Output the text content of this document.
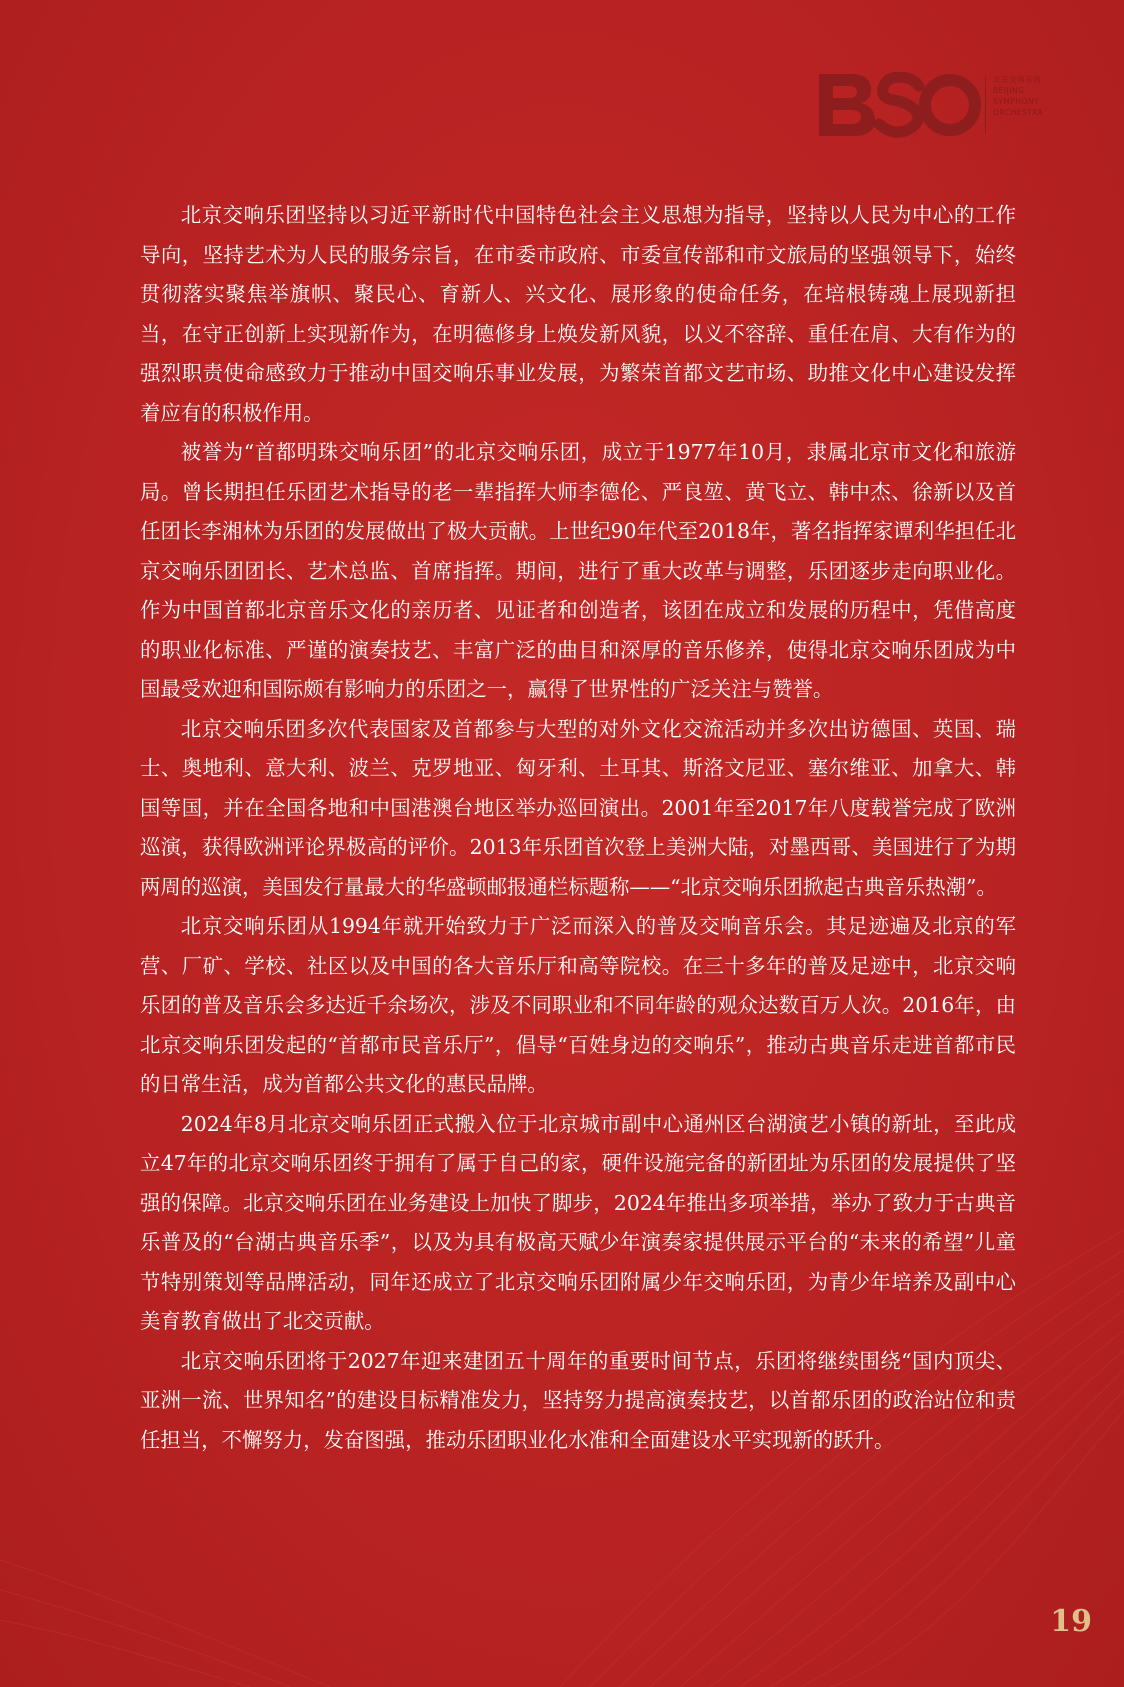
北京交响乐团
BEIJING
SYMPHONY
ORCHESTRA

北京交响乐团坚持以习近平新时代中国特色社会主义思想为指导，坚持以人民为中心的工作导向，坚持艺术为人民的服务宗旨，在市委市政府、市委宣传部和市文旅局的坚强领导下，始终贯彻落实聚焦举旗帜、聚民心、育新人、兴文化、展形象的使命任务，在培根铸魂上展现新担当，在守正创新上实现新作为，在明德修身上焕发新风貌，以义不容辞、重任在肩、大有作为的强烈职责使命感致力于推动中国交响乐事业发展，为繁荣首都文艺市场、助推文化中心建设发挥着应有的积极作用。

被誉为“首都明珠交响乐团”的北京交响乐团，成立于1977年10月，隶属北京市文化和旅游局。曾长期担任乐团艺术指导的老一辈指挥大师李德伦、严良堃、黄飞立、韩中杰、徐新以及首任团长李湘林为乐团的发展做出了极大贡献。上世纪90年代至2018年，著名指挥家谭利华担任北京交响乐团团长、艺术总监、首席指挥。期间，进行了重大改革与调整，乐团逐步走向职业化。作为中国首都北京音乐文化的亲历者、见证者和创造者，该团在成立和发展的历程中，凭借高度的职业化标准、严谨的演奏技艺、丰富广泛的曲目和深厚的音乐修养，使得北京交响乐团成为中国最受欢迎和国际颇有影响力的乐团之一，赢得了世界性的广泛关注与赞誉。

北京交响乐团多次代表国家及首都参与大型的对外文化交流活动并多次出访德国、英国、瑞士、奥地利、意大利、波兰、克罗地亚、匈牙利、土耳其、斯洛文尼亚、塞尔维亚、加拿大、韩国等国，并在全国各地和中国港澳台地区举办巡回演出。2001年至2017年八度载誉完成了欧洲巡演，获得欧洲评论界极高的评价。2013年乐团首次登上美洲大陆，对墨西哥、美国进行了为期两周的巡演，美国发行量最大的华盛顿邮报通栏标题称——“北京交响乐团掀起古典音乐热潮”。

北京交响乐团从1994年就开始致力于广泛而深入的普及交响音乐会。其足迹遍及北京的军营、厂矿、学校、社区以及中国的各大音乐厅和高等院校。在三十多年的普及足迹中，北京交响乐团的普及音乐会多达近千余场次，涉及不同职业和不同年龄的观众达数百万人次。2016年，由北京交响乐团发起的“首都市民音乐厅”，倡导“百姓身边的交响乐”，推动古典音乐走进首都市民的日常生活，成为首都公共文化的惠民品牌。

2024年8月北京交响乐团正式搬入位于北京城市副中心通州区台湖演艺小镇的新址，至此成立47年的北京交响乐团终于拥有了属于自己的家，硬件设施完备的新团址为乐团的发展提供了坚强的保障。北京交响乐团在业务建设上加快了脚步，2024年推出多项举措，举办了致力于古典音乐普及的“台湖古典音乐季”，以及为具有极高天赋少年演奏家提供展示平台的“未来的希望”儿童节特别策划等品牌活动，同年还成立了北京交响乐团附属少年交响乐团，为青少年培养及副中心美育教育做出了北交贡献。

北京交响乐团将于2027年迎来建团五十周年的重要时间节点，乐团将继续围绕“国内顶尖、亚洲一流、世界知名”的建设目标精准发力，坚持努力提高演奏技艺，以首都乐团的政治站位和责任担当，不懈努力，发奋图强，推动乐团职业化水准和全面建设水平实现新的跃升。

19
